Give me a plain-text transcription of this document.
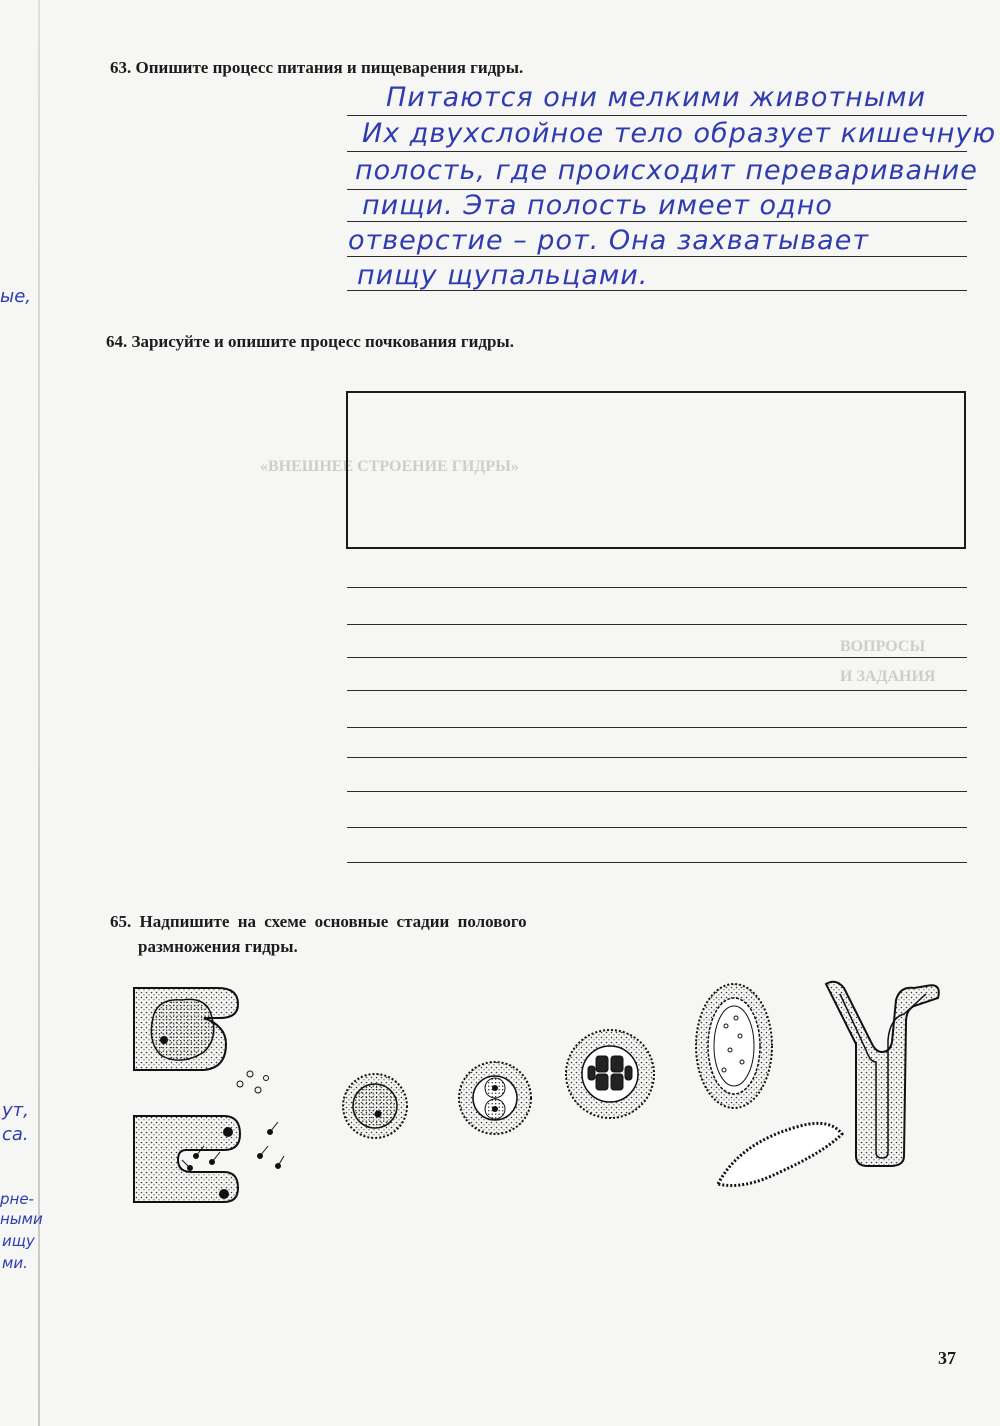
«ВНЕШНЕЕ СТРОЕНИЕ ГИДРЫ»
ВОПРОСЫ
И ЗАДАНИЯ
63. Опишите процесс питания и пищеварения гидры.
Питаются они мелкими животными
Их двухслойное тело образует кишечную
полость, где происходит переваривание
пищи. Эта полость имеет одно
отверстие – рот. Она захватывает
пищу щупальцами.
64. Зарисуйте и опишите процесс почкования гидры.
65. Надпишите на схеме основные стадии полового
размножения гидры.
ые,
ут,
са.
рне-
ными
ищу
ми.
37
